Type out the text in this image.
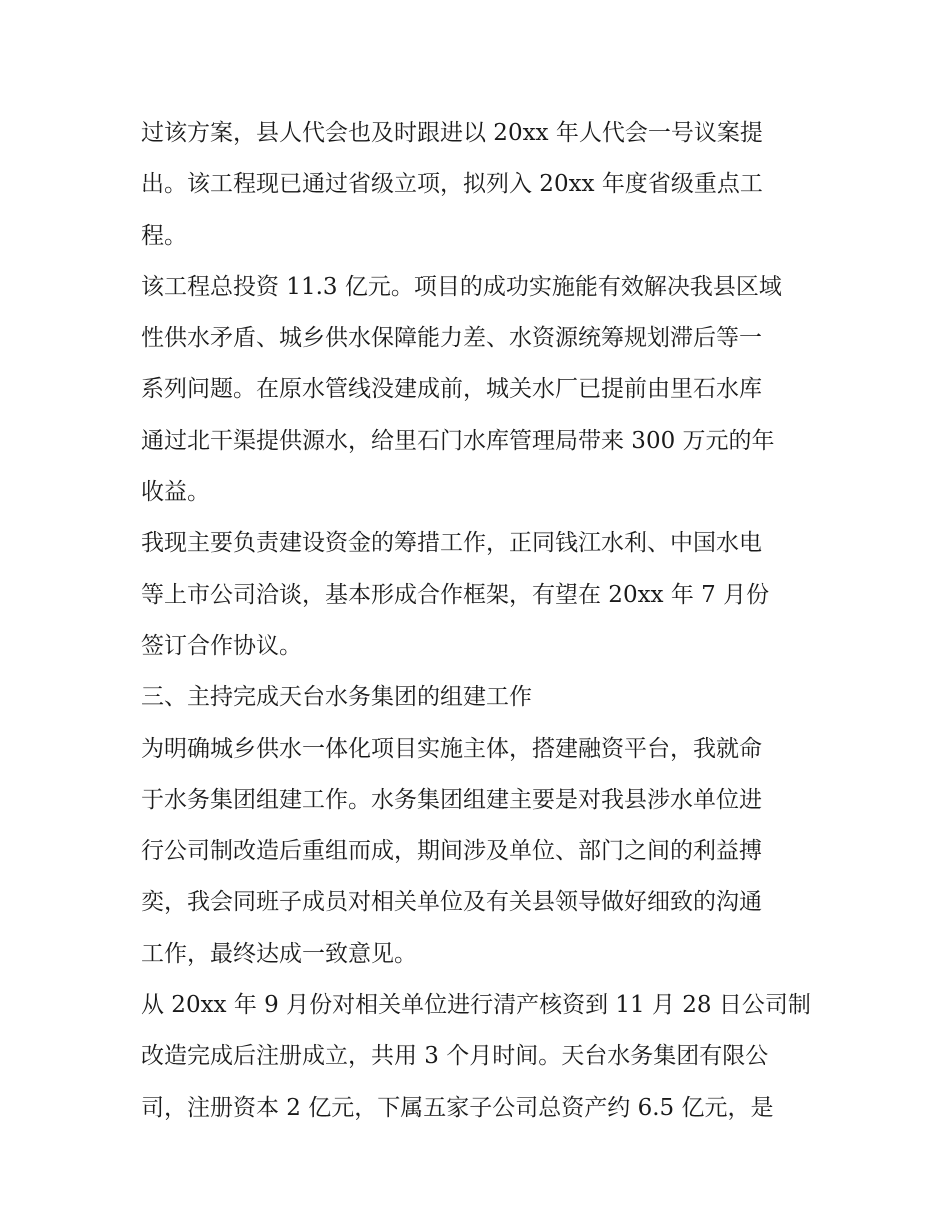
过该方案，县人代会也及时跟进以 20xx 年人代会一号议案提
出。该工程现已通过省级立项，拟列入 20xx 年度省级重点工
程。
该工程总投资 11.3 亿元。项目的成功实施能有效解决我县区域
性供水矛盾、城乡供水保障能力差、水资源统筹规划滞后等一
系列问题。在原水管线没建成前，城关水厂已提前由里石水库
通过北干渠提供源水，给里石门水库管理局带来 300 万元的年
收益。
我现主要负责建设资金的筹措工作，正同钱江水利、中国水电
等上市公司洽谈，基本形成合作框架，有望在 20xx 年 7 月份
签订合作协议。
三、主持完成天台水务集团的组建工作
为明确城乡供水一体化项目实施主体，搭建融资平台，我就命
于水务集团组建工作。水务集团组建主要是对我县涉水单位进
行公司制改造后重组而成，期间涉及单位、部门之间的利益搏
奕，我会同班子成员对相关单位及有关县领导做好细致的沟通
工作，最终达成一致意见。
从 20xx 年 9 月份对相关单位进行清产核资到 11 月 28 日公司制
改造完成后注册成立，共用 3 个月时间。天台水务集团有限公
司，注册资本 2 亿元，下属五家子公司总资产约 6.5 亿元，是
